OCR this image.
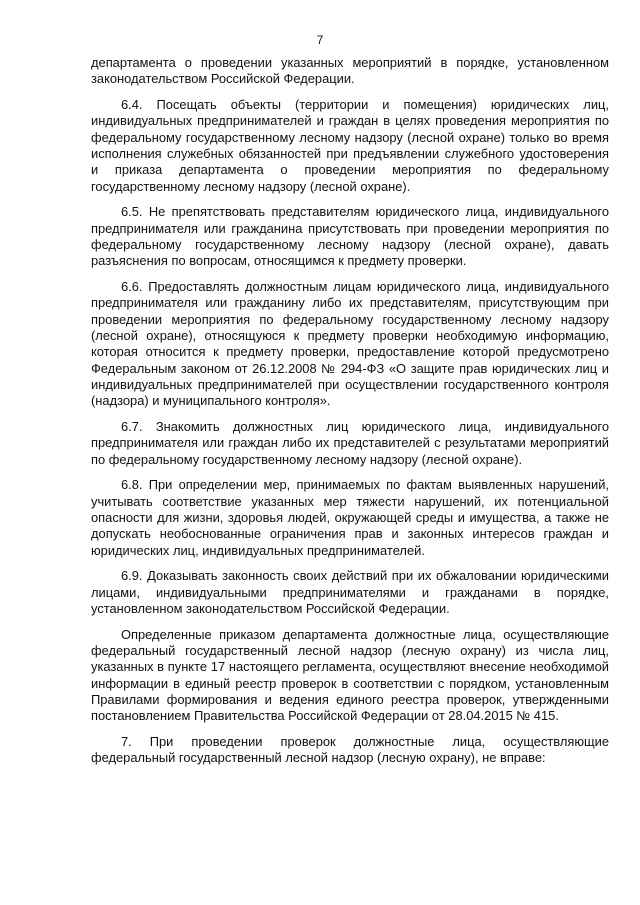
7

департамента о проведении указанных мероприятий в порядке, установленном законодательством Российской Федерации.

6.4. Посещать объекты (территории и помещения) юридических лиц, индивидуальных предпринимателей и граждан в целях проведения мероприятия по федеральному государственному лесному надзору (лесной охране) только во время исполнения служебных обязанностей при предъявлении служебного удостоверения и приказа департамента о проведении мероприятия по федеральному государственному лесному надзору (лесной охране).

6.5. Не препятствовать представителям юридического лица, индивидуального предпринимателя или гражданина присутствовать при проведении мероприятия по федеральному государственному лесному надзору (лесной охране), давать разъяснения по вопросам, относящимся к предмету проверки.

6.6. Предоставлять должностным лицам юридического лица, индивидуального предпринимателя или гражданину либо их представителям, присутствующим при проведении мероприятия по федеральному государственному лесному надзору (лесной охране), относящуюся к предмету проверки необходимую информацию, которая относится к предмету проверки, предоставление которой предусмотрено Федеральным законом от 26.12.2008 № 294-ФЗ «О защите прав юридических лиц и индивидуальных предпринимателей при осуществлении государственного контроля (надзора) и муниципального контроля».

6.7. Знакомить должностных лиц юридического лица, индивидуального предпринимателя или граждан либо их представителей с результатами мероприятий по федеральному государственному лесному надзору (лесной охране).

6.8. При определении мер, принимаемых по фактам выявленных нарушений, учитывать соответствие указанных мер тяжести нарушений, их потенциальной опасности для жизни, здоровья людей, окружающей среды и имущества, а также не допускать необоснованные ограничения прав и законных интересов граждан и юридических лиц, индивидуальных предпринимателей.

6.9. Доказывать законность своих действий при их обжаловании юридическими лицами, индивидуальными предпринимателями и гражданами в порядке, установленном законодательством Российской Федерации.

Определенные приказом департамента должностные лица, осуществляющие федеральный государственный лесной надзор (лесную охрану) из числа лиц, указанных в пункте 17 настоящего регламента, осуществляют внесение необходимой информации в единый реестр проверок в соответствии с порядком, установленным Правилами формирования и ведения единого реестра проверок, утвержденными постановлением Правительства Российской Федерации от 28.04.2015 № 415.

7. При проведении проверок должностные лица, осуществляющие федеральный государственный лесной надзор (лесную охрану), не вправе:
